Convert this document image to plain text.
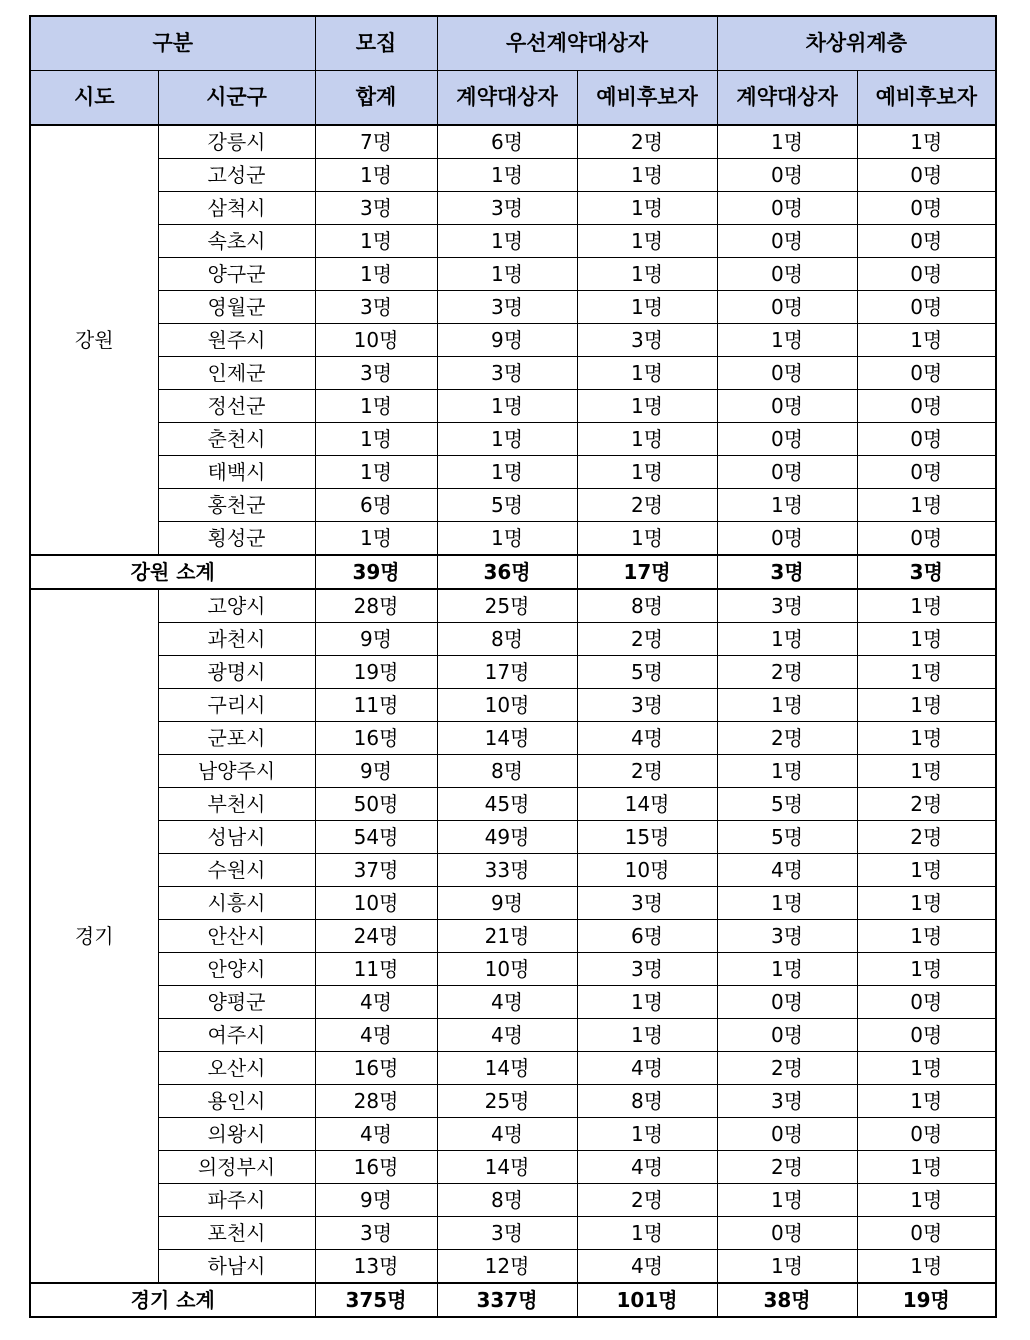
구분		모집	우선계약대상자		차상위계층	
시도	시군구	합계	계약대상자	예비후보자	계약대상자	예비후보자
강원	강릉시	7명	6명	2명	1명	1명
	고성군	1명	1명	1명	0명	0명
	삼척시	3명	3명	1명	0명	0명
	속초시	1명	1명	1명	0명	0명
	양구군	1명	1명	1명	0명	0명
	영월군	3명	3명	1명	0명	0명
	원주시	10명	9명	3명	1명	1명
	인제군	3명	3명	1명	0명	0명
	정선군	1명	1명	1명	0명	0명
	춘천시	1명	1명	1명	0명	0명
	태백시	1명	1명	1명	0명	0명
	홍천군	6명	5명	2명	1명	1명
	횡성군	1명	1명	1명	0명	0명
강원 소계		39명	36명	17명	3명	3명
경기	고양시	28명	25명	8명	3명	1명
	과천시	9명	8명	2명	1명	1명
	광명시	19명	17명	5명	2명	1명
	구리시	11명	10명	3명	1명	1명
	군포시	16명	14명	4명	2명	1명
	남양주시	9명	8명	2명	1명	1명
	부천시	50명	45명	14명	5명	2명
	성남시	54명	49명	15명	5명	2명
	수원시	37명	33명	10명	4명	1명
	시흥시	10명	9명	3명	1명	1명
	안산시	24명	21명	6명	3명	1명
	안양시	11명	10명	3명	1명	1명
	양평군	4명	4명	1명	0명	0명
	여주시	4명	4명	1명	0명	0명
	오산시	16명	14명	4명	2명	1명
	용인시	28명	25명	8명	3명	1명
	의왕시	4명	4명	1명	0명	0명
	의정부시	16명	14명	4명	2명	1명
	파주시	9명	8명	2명	1명	1명
	포천시	3명	3명	1명	0명	0명
	하남시	13명	12명	4명	1명	1명
경기 소계		375명	337명	101명	38명	19명
